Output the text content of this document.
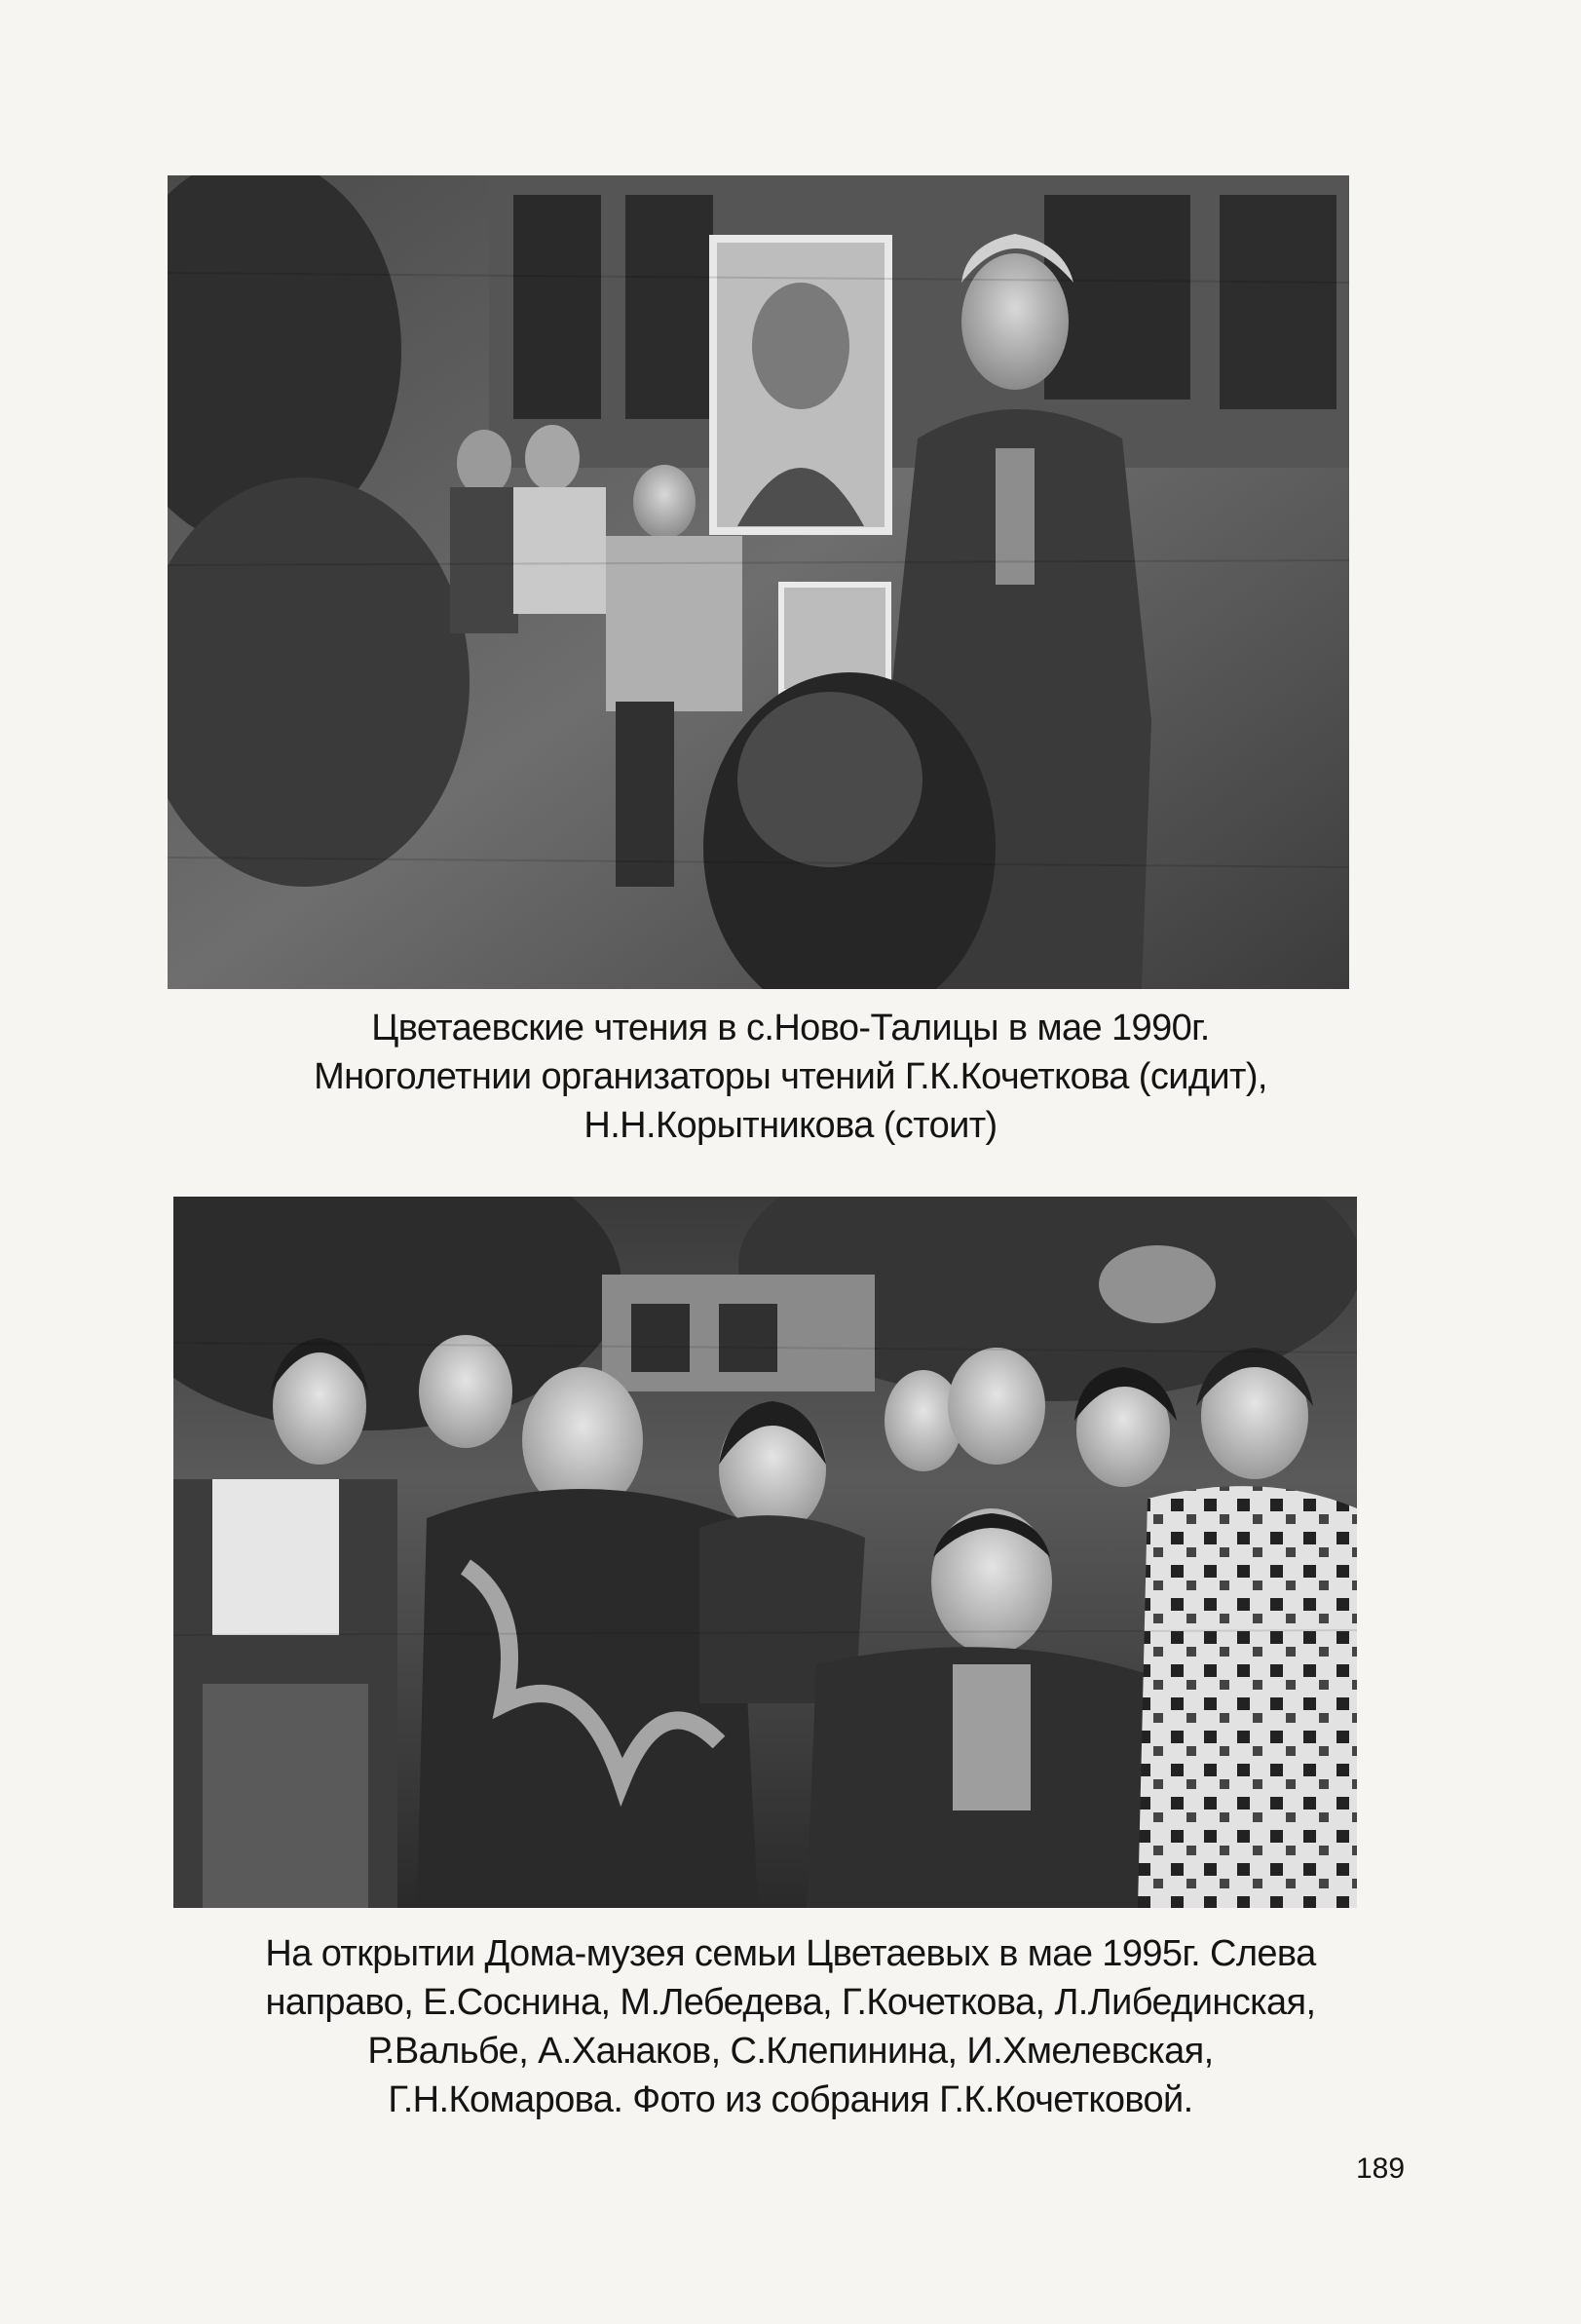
Цветаевские чтения в с.Ново-Талицы в мае 1990г.
Многолетнии организаторы чтений Г.К.Кочеткова (сидит),
Н.Н.Корытникова (стоит)
На открытии Дома-музея семьи Цветаевых в мае 1995г. Слева
направо, Е.Соснина, М.Лебедева, Г.Кочеткова, Л.Либединская,
Р.Вальбе, А.Ханаков, С.Клепинина, И.Хмелевская,
Г.Н.Комарова. Фото из собрания Г.К.Кочетковой.
189
